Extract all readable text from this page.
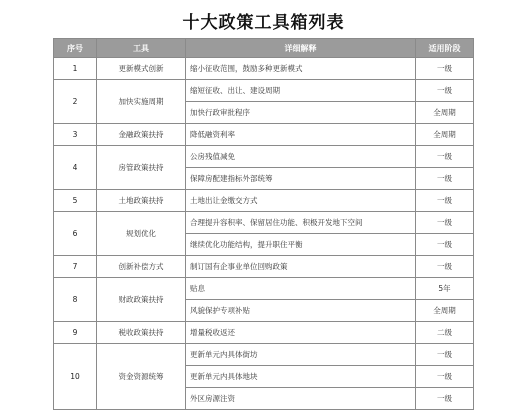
十大政策工具箱列表
序号	工具	详细解释	适用阶段
1	更新模式创新	缩小征收范围，鼓励多种更新模式	一级
2	加快实施周期	缩短征收、出让、建设周期	一级
		加快行政审批程序	全周期
3	金融政策扶持	降低融资利率	全周期
4	房管政策扶持	公房残值减免	一级
		保障房配建指标外部统筹	一级
5	土地政策扶持	土地出让金缴交方式	一级
6	规划优化	合理提升容积率、保留居住功能、积极开发地下空间	一级
		继续优化功能结构，提升职住平衡	一级
7	创新补偿方式	制订国有企事业单位回购政策	一级
8	财政政策扶持	贴息	5年
		风貌保护专项补贴	全周期
9	税收政策扶持	增量税收返还	二级
10	资金资源统筹	更新单元内具体街坊	一级
		更新单元内具体地块	一级
		外区房源注资	一级
